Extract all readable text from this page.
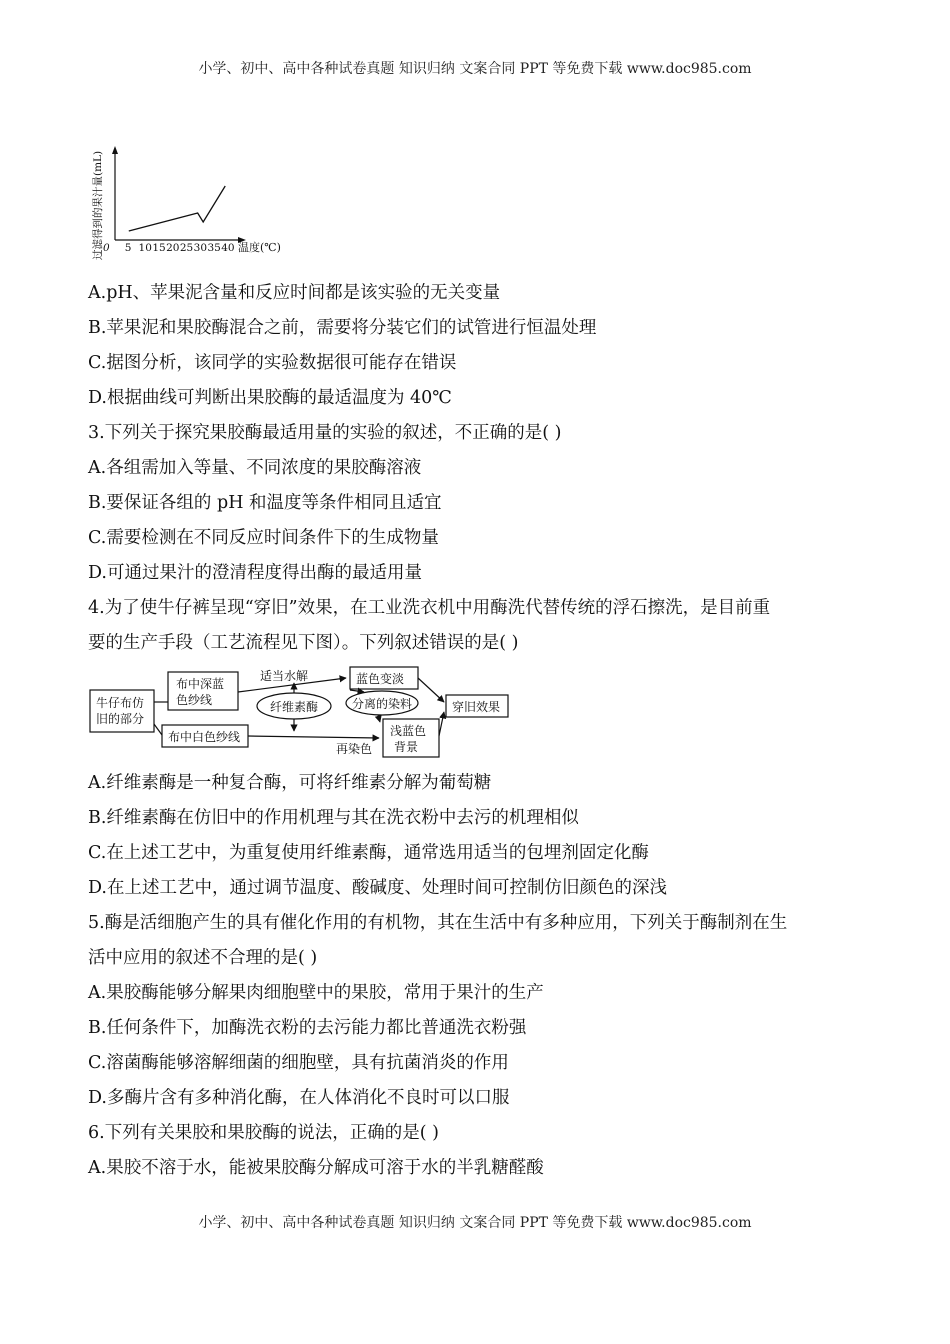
小学、初中、高中各种试卷真题 知识归纳 文案合同 PPT 等免费下载 www.doc985.com
过滤得到的果汁量(mL) 0 5 10 15 20 25 30 35 40 温度(℃)
A.pH、苹果泥含量和反应时间都是该实验的无关变量
B.苹果泥和果胶酶混合之前，需要将分装它们的试管进行恒温处理
C.据图分析，该同学的实验数据很可能存在错误
D.根据曲线可判断出果胶酶的最适温度为 40℃
3.下列关于探究果胶酶最适用量的实验的叙述，不正确的是( )
A.各组需加入等量、不同浓度的果胶酶溶液
B.要保证各组的 pH 和温度等条件相同且适宜
C.需要检测在不同反应时间条件下的生成物量
D.可通过果汁的澄清程度得出酶的最适用量
4.为了使牛仔裤呈现“穿旧”效果，在工业洗衣机中用酶洗代替传统的浮石擦洗，是目前重
要的生产手段（工艺流程见下图）。下列叙述错误的是( )
牛仔布仿
旧的部分
布中深蓝
色纱线
布中白色纱线
适当水解
纤维素酶
蓝色变淡
分离的染料
再染色
浅蓝色
背景
穿旧效果
A.纤维素酶是一种复合酶，可将纤维素分解为葡萄糖
B.纤维素酶在仿旧中的作用机理与其在洗衣粉中去污的机理相似
C.在上述工艺中，为重复使用纤维素酶，通常选用适当的包埋剂固定化酶
D.在上述工艺中，通过调节温度、酸碱度、处理时间可控制仿旧颜色的深浅
5.酶是活细胞产生的具有催化作用的有机物，其在生活中有多种应用，下列关于酶制剂在生
活中应用的叙述不合理的是( )
A.果胶酶能够分解果肉细胞壁中的果胶，常用于果汁的生产
B.任何条件下，加酶洗衣粉的去污能力都比普通洗衣粉强
C.溶菌酶能够溶解细菌的细胞壁，具有抗菌消炎的作用
D.多酶片含有多种消化酶，在人体消化不良时可以口服
6.下列有关果胶和果胶酶的说法，正确的是( )
A.果胶不溶于水，能被果胶酶分解成可溶于水的半乳糖醛酸
小学、初中、高中各种试卷真题 知识归纳 文案合同 PPT 等免费下载 www.doc985.com
